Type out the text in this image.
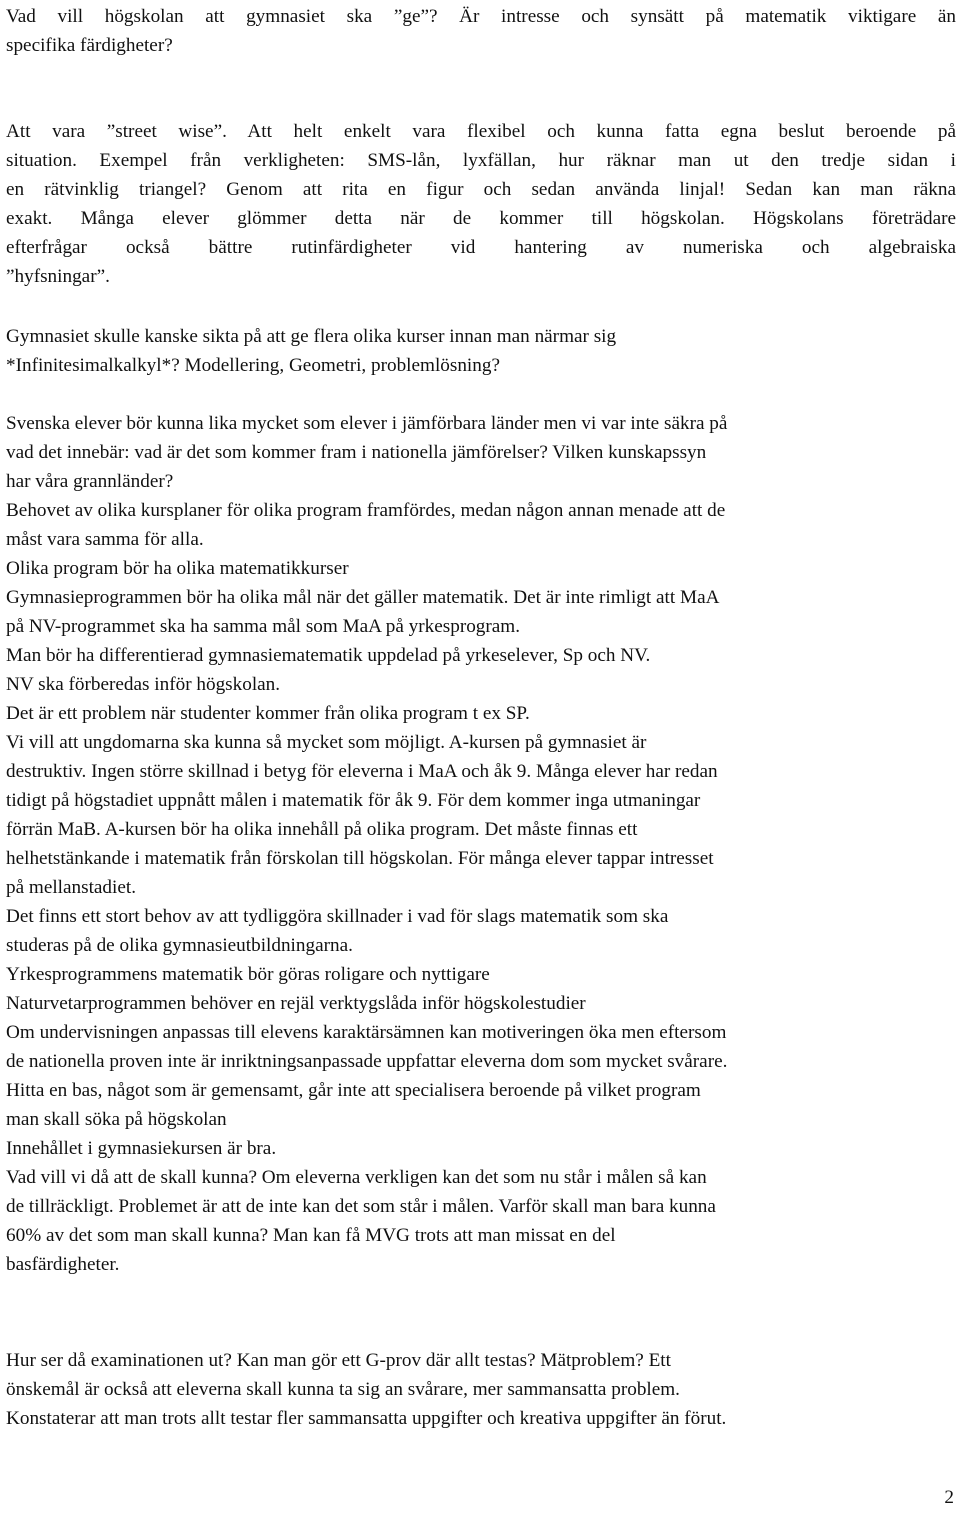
Vad vill högskolan att gymnasiet ska ”ge”? Är intresse och synsätt på matematik viktigare än
specifika färdigheter?
Att vara ”street wise”. Att helt enkelt vara flexibel och kunna fatta egna beslut beroende på
situation. Exempel från verkligheten: SMS-lån, lyxfällan, hur räknar man ut den tredje sidan i
en rätvinklig triangel? Genom att rita en figur och sedan använda linjal! Sedan kan man räkna
exakt. Många elever glömmer detta när de kommer till högskolan. Högskolans företrädare
efterfrågar också bättre rutinfärdigheter vid hantering av numeriska och algebraiska
”hyfsningar”.
Gymnasiet skulle kanske sikta på att ge flera olika kurser innan man närmar sig
*Infinitesimalkalkyl*? Modellering, Geometri, problemlösning?
Svenska elever bör kunna lika mycket som elever i jämförbara länder men vi var inte säkra på
vad det innebär: vad är det som kommer fram i nationella jämförelser? Vilken kunskapssyn
har våra grannländer?
Behovet av olika kursplaner för olika program framfördes, medan någon annan menade att de
måst vara samma för alla.
Olika program bör ha olika matematikkurser
Gymnasieprogrammen bör ha olika mål när det gäller matematik. Det är inte rimligt att MaA
på NV-programmet ska ha samma mål som MaA på yrkesprogram.
Man bör ha differentierad gymnasiematematik uppdelad på yrkeselever, Sp och NV.
NV ska förberedas inför högskolan.
Det är ett problem när studenter kommer från olika program t ex SP.
Vi vill att ungdomarna ska kunna så mycket som möjligt. A-kursen på gymnasiet är
destruktiv. Ingen större skillnad i betyg för eleverna i MaA och åk 9. Många elever har redan
tidigt på högstadiet uppnått målen i matematik för åk 9. För dem kommer inga utmaningar
förrän MaB. A-kursen bör ha olika innehåll på olika program. Det måste finnas ett
helhetstänkande i matematik från förskolan till högskolan. För många elever tappar intresset
på mellanstadiet.
Det finns ett stort behov av att tydliggöra skillnader i vad för slags matematik som ska
studeras på de olika gymnasieutbildningarna.
Yrkesprogrammens matematik bör göras roligare och nyttigare
Naturvetarprogrammen behöver en rejäl verktygslåda inför högskolestudier
Om undervisningen anpassas till elevens karaktärsämnen kan motiveringen öka men eftersom
de nationella proven inte är inriktningsanpassade uppfattar eleverna dom som mycket svårare.
Hitta en bas, något som är gemensamt, går inte att specialisera beroende på vilket program
man skall söka på högskolan
Innehållet i gymnasiekursen är bra.
Vad vill vi då att de skall kunna? Om eleverna verkligen kan det som nu står i målen så kan
de tillräckligt. Problemet är att de inte kan det som står i målen. Varför skall man bara kunna
60% av det som man skall kunna? Man kan få MVG trots att man missat en del
basfärdigheter.
Hur ser då examinationen ut? Kan man gör ett G-prov där allt testas? Mätproblem? Ett
önskemål är också att eleverna skall kunna ta sig an svårare, mer sammansatta problem.
Konstaterar att man trots allt testar fler sammansatta uppgifter och kreativa uppgifter än förut.
2
